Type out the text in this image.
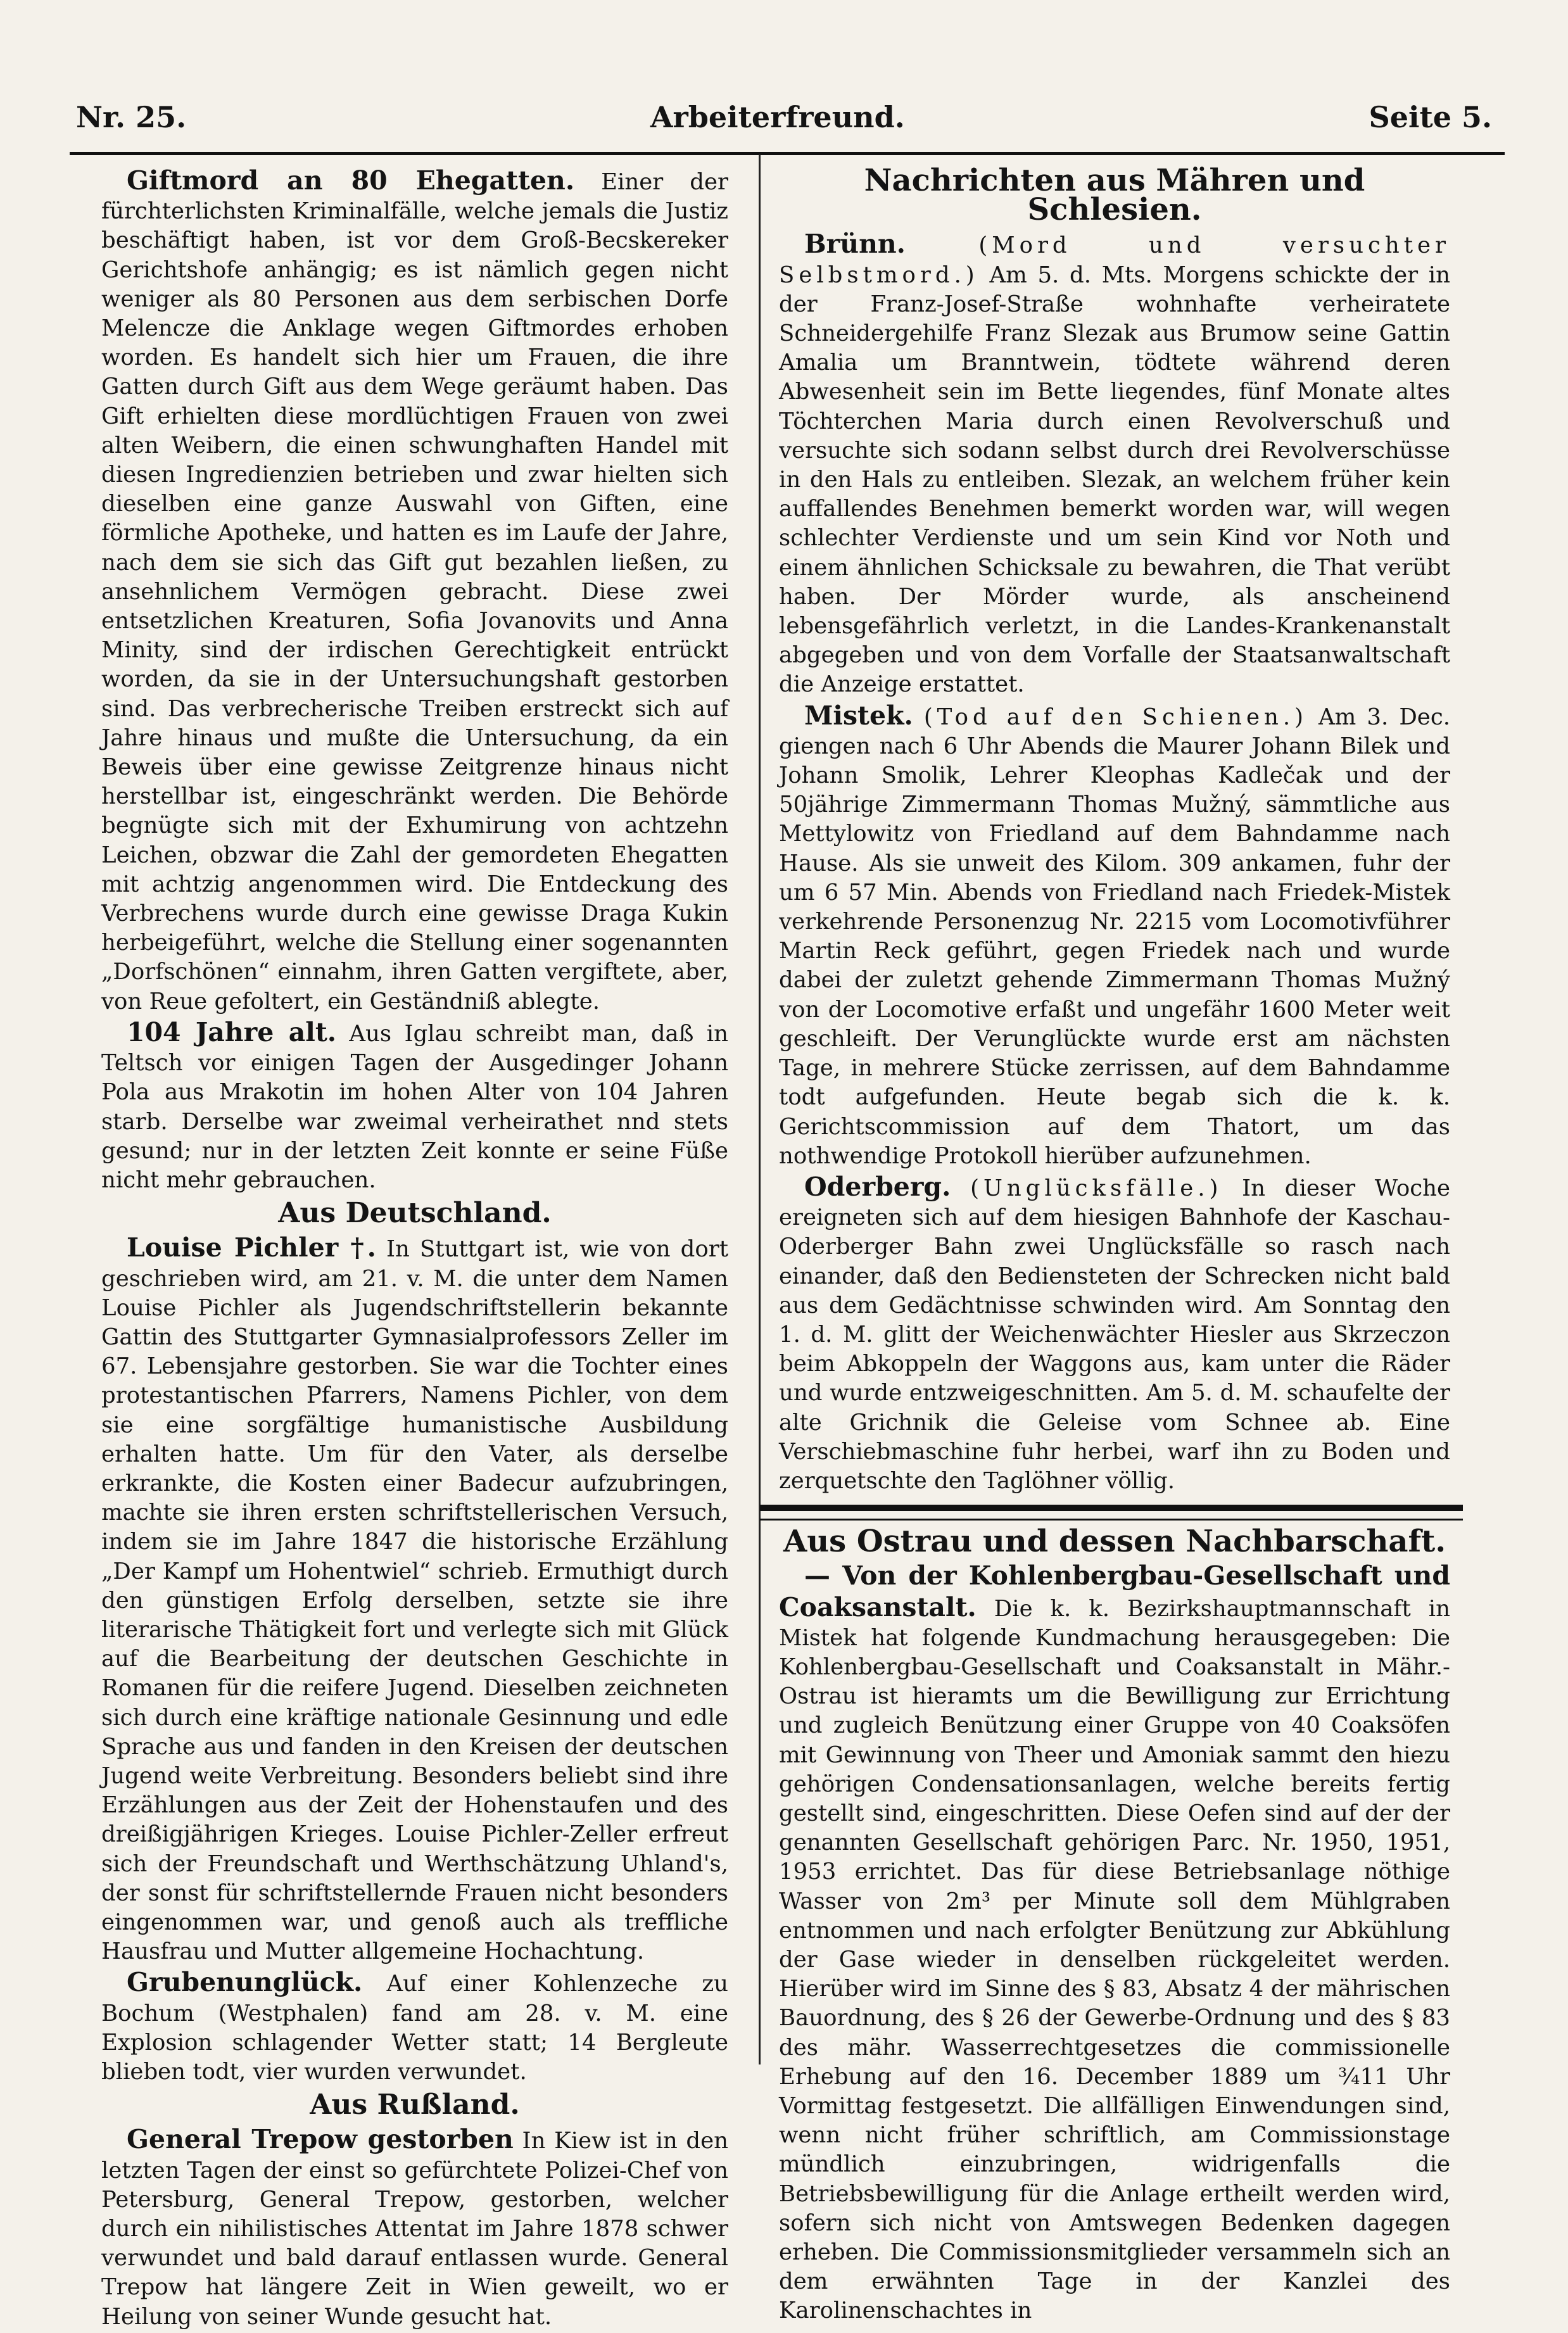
Nr. 25.	Arbeiterfreund.	Seite 5.

Giftmord an 80 Ehegatten. Einer der fürchterlichsten Kriminalfälle, welche jemals die Justiz beschäftigt haben, ist vor dem Groß-Becskereker Gerichtshofe anhängig; es ist nämlich gegen nicht weniger als 80 Personen aus dem serbischen Dorfe Melencze die Anklage wegen Giftmordes erhoben worden. Es handelt sich hier um Frauen, die ihre Gatten durch Gift aus dem Wege geräumt haben. Das Gift erhielten diese mordlüchtigen Frauen von zwei alten Weibern, die einen schwunghaften Handel mit diesen Ingredienzien betrieben und zwar hielten sich dieselben eine ganze Auswahl von Giften, eine förmliche Apotheke, und hatten es im Laufe der Jahre, nach dem sie sich das Gift gut bezahlen ließen, zu ansehnlichem Vermögen gebracht. Diese zwei entsetzlichen Kreaturen, Sofia Jovanovits und Anna Minity, sind der irdischen Gerechtigkeit entrückt worden, da sie in der Untersuchungshaft gestorben sind. Das verbrecherische Treiben erstreckt sich auf Jahre hinaus und mußte die Untersuchung, da ein Beweis über eine gewisse Zeitgrenze hinaus nicht herstellbar ist, eingeschränkt werden. Die Behörde begnügte sich mit der Exhumirung von achtzehn Leichen, obzwar die Zahl der gemordeten Ehegatten mit achtzig angenommen wird. Die Entdeckung des Verbrechens wurde durch eine gewisse Draga Kukin herbeigeführt, welche die Stellung einer sogenannten „Dorfschönen“ einnahm, ihren Gatten vergiftete, aber, von Reue gefoltert, ein Geständniß ablegte.

104 Jahre alt. Aus Iglau schreibt man, daß in Teltsch vor einigen Tagen der Ausgedinger Johann Pola aus Mrakotin im hohen Alter von 104 Jahren starb. Derselbe war zweimal verheirathet nnd stets gesund; nur in der letzten Zeit konnte er seine Füße nicht mehr gebrauchen.

Aus Deutschland.

Louise Pichler †. In Stuttgart ist, wie von dort geschrieben wird, am 21. v. M. die unter dem Namen Louise Pichler als Jugendschriftstellerin bekannte Gattin des Stuttgarter Gymnasialprofessors Zeller im 67. Lebensjahre gestorben. Sie war die Tochter eines protestantischen Pfarrers, Namens Pichler, von dem sie eine sorgfältige humanistische Ausbildung erhalten hatte. Um für den Vater, als derselbe erkrankte, die Kosten einer Badecur aufzubringen, machte sie ihren ersten schriftstellerischen Versuch, indem sie im Jahre 1847 die historische Erzählung „Der Kampf um Hohentwiel“ schrieb. Ermuthigt durch den günstigen Erfolg derselben, setzte sie ihre literarische Thätigkeit fort und verlegte sich mit Glück auf die Bearbeitung der deutschen Geschichte in Romanen für die reifere Jugend. Dieselben zeichneten sich durch eine kräftige nationale Gesinnung und edle Sprache aus und fanden in den Kreisen der deutschen Jugend weite Verbreitung. Besonders beliebt sind ihre Erzählungen aus der Zeit der Hohenstaufen und des dreißigjährigen Krieges. Louise Pichler-Zeller erfreut sich der Freundschaft und Werthschätzung Uhland's, der sonst für schriftstellernde Frauen nicht besonders eingenommen war, und genoß auch als treffliche Hausfrau und Mutter allgemeine Hochachtung.

Grubenunglück. Auf einer Kohlenzeche zu Bochum (Westphalen) fand am 28. v. M. eine Explosion schlagender Wetter statt; 14 Bergleute blieben todt, vier wurden verwundet.

Aus Rußland.

General Trepow gestorben In Kiew ist in den letzten Tagen der einst so gefürchtete Polizei-Chef von Petersburg, General Trepow, gestorben, welcher durch ein nihilistisches Attentat im Jahre 1878 schwer verwundet und bald darauf entlassen wurde. General Trepow hat längere Zeit in Wien geweilt, wo er Heilung von seiner Wunde gesucht hat.

Nachrichten aus Mähren und Schlesien.

Brünn.	(Mord und versuchter Selbstmord.) Am 5. d. Mts. Morgens schickte der in der Franz-Josef-Straße wohnhafte verheiratete Schneidergehilfe Franz Slezak aus Brumow seine Gattin Amalia um Branntwein, tödtete während deren Abwesenheit sein im Bette liegendes, fünf Monate altes Töchterchen Maria durch einen Revolverschuß und versuchte sich sodann selbst durch drei Revolverschüsse in den Hals zu entleiben. Slezak, an welchem früher kein auffallendes Benehmen bemerkt worden war, will wegen schlechter Verdienste und um sein Kind vor Noth und einem ähnlichen Schicksale zu bewahren, die That verübt haben. Der Mörder wurde, als anscheinend lebensgefährlich verletzt, in die Landes-Krankenanstalt abgegeben und von dem Vorfalle der Staatsanwaltschaft die Anzeige erstattet.

Mistek. (Tod auf den Schienen.) Am 3. Dec. giengen nach 6 Uhr Abends die Maurer Johann Bilek und Johann Smolik, Lehrer Kleophas Kadlečak und der 50jährige Zimmermann Thomas Mužný, sämmtliche aus Mettylowitz von Friedland auf dem Bahndamme nach Hause. Als sie unweit des Kilom. 309 ankamen, fuhr der um 6 57 Min. Abends von Friedland nach Friedek-Mistek verkehrende Personenzug Nr. 2215 vom Locomotivführer Martin Reck geführt, gegen Friedek nach und wurde dabei der zuletzt gehende Zimmermann Thomas Mužný von der Locomotive erfaßt und ungefähr 1600 Meter weit geschleift. Der Verunglückte wurde erst am nächsten Tage, in mehrere Stücke zerrissen, auf dem Bahndamme todt aufgefunden. Heute begab sich die k. k. Gerichtscommission auf dem Thatort, um das nothwendige Protokoll hierüber aufzunehmen.

Oderberg. (Unglücksfälle.) In dieser Woche ereigneten sich auf dem hiesigen Bahnhofe der Kaschau-Oderberger Bahn zwei Unglücksfälle so rasch nach einander, daß den Bediensteten der Schrecken nicht bald aus dem Gedächtnisse schwinden wird. Am Sonntag den 1. d. M. glitt der Weichenwächter Hiesler aus Skrzeczon beim Abkoppeln der Waggons aus, kam unter die Räder und wurde entzweigeschnitten. Am 5. d. M. schaufelte der alte Grichnik die Geleise vom Schnee ab. Eine Verschiebmaschine fuhr herbei, warf ihn zu Boden und zerquetschte den Taglöhner völlig.

Aus Ostrau und dessen Nachbarschaft.

— Von der Kohlenbergbau-Gesellschaft und Coaksanstalt. Die k. k. Bezirkshauptmannschaft in Mistek hat folgende Kundmachung herausgegeben: Die Kohlenbergbau-Gesellschaft und Coaksanstalt in Mähr.-Ostrau ist hieramts um die Bewilligung zur Errichtung und zugleich Benützung einer Gruppe von 40 Coaksöfen mit Gewinnung von Theer und Amoniak sammt den hiezu gehörigen Condensationsanlagen, welche bereits fertig gestellt sind, eingeschritten. Diese Oefen sind auf der der genannten Gesellschaft gehörigen Parc. Nr. 1950, 1951, 1953 errichtet. Das für diese Betriebsanlage nöthige Wasser von 2m³ per Minute soll dem Mühlgraben entnommen und nach erfolgter Benützung zur Abkühlung der Gase wieder in denselben rückgeleitet werden. Hierüber wird im Sinne des § 83, Absatz 4 der mährischen Bauordnung, des § 26 der Gewerbe-Ordnung und des § 83 des mähr. Wasserrechtgesetzes die commissionelle Erhebung auf den 16. December 1889 um ¾11 Uhr Vormittag festgesetzt. Die allfälligen Einwendungen sind, wenn nicht früher schriftlich, am Commissionstage mündlich einzubringen, widrigenfalls die Betriebsbewilligung für die Anlage ertheilt werden wird, sofern sich nicht von Amtswegen Bedenken dagegen erheben. Die Commissionsmitglieder versammeln sich an dem erwähnten Tage in der Kanzlei des Karolinenschachtes in
